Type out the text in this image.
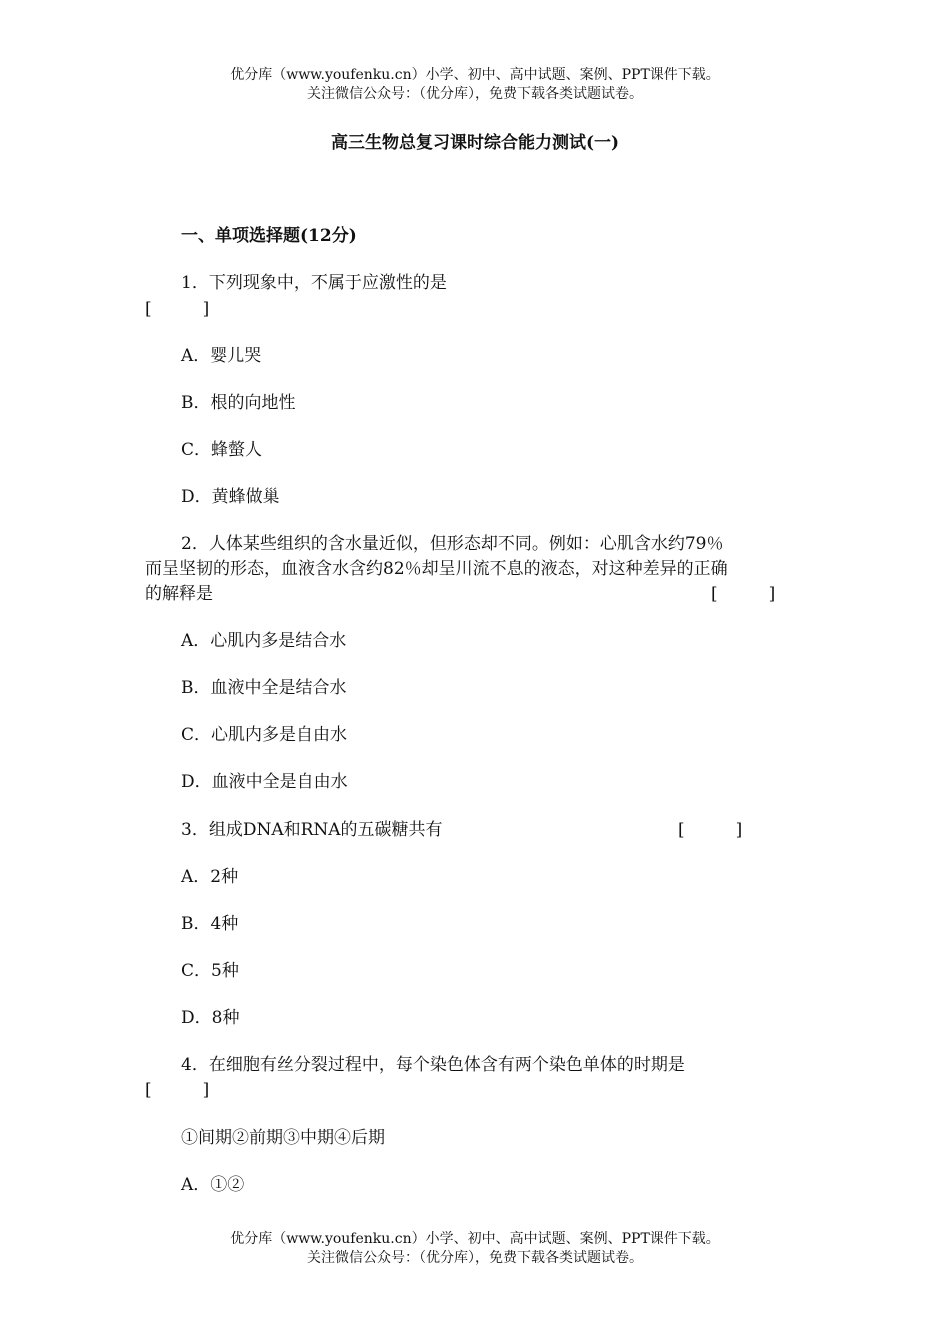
优分库（www.youfenku.cn）小学、初中、高中试题、案例、PPT课件下载。
关注微信公众号：（优分库），免费下载各类试题试卷。
高三生物总复习课时综合能力测试(一)
一、单项选择题(12分)
1．下列现象中，不属于应激性的是
[　　　]
A．婴儿哭
B．根的向地性
C．蜂螫人
D．黄蜂做巢
2．人体某些组织的含水量近似，但形态却不同。例如：心肌含水约79％
而呈坚韧的形态，血液含水含约82％却呈川流不息的液态，对这种差异的正确
的解释是	[　　　]
A．心肌内多是结合水
B．血液中全是结合水
C．心肌内多是自由水
D．血液中全是自由水
3．组成DNA和RNA的五碳糖共有	[　　　]
A．2种
B．4种
C．5种
D．8种
4．在细胞有丝分裂过程中，每个染色体含有两个染色单体的时期是
[　　　]
①间期②前期③中期④后期
A．①②
优分库（www.youfenku.cn）小学、初中、高中试题、案例、PPT课件下载。
关注微信公众号：（优分库），免费下载各类试题试卷。
